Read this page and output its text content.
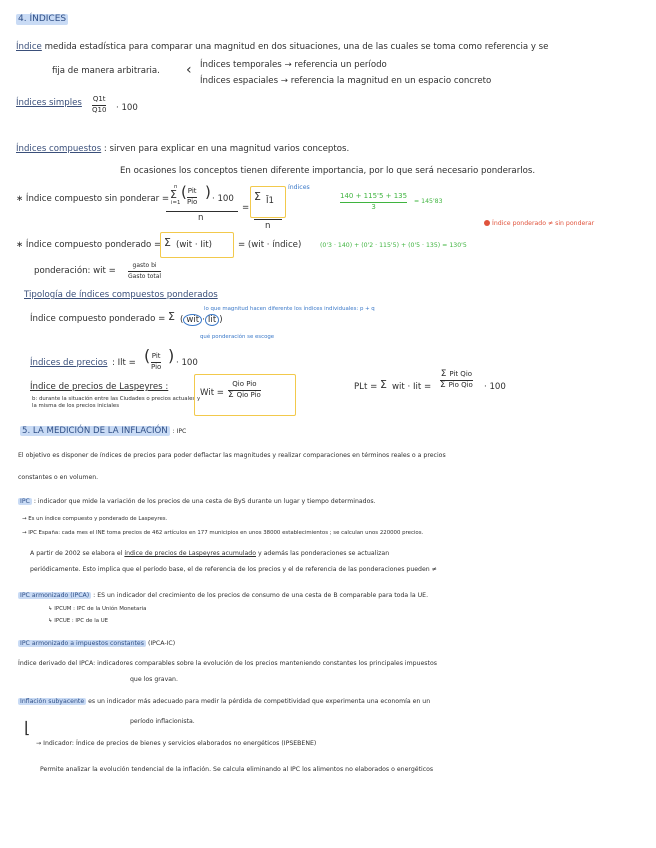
4. ÍNDICES
Índice medida estadística para comparar una magnitud en dos situaciones, una de las cuales se toma como referencia y se
fija de manera arbitraria. ‹ Índices temporales → referencia un período
Índices espaciales → referencia la magnitud en un espacio concreto
Índices simples Q1t
Q10 · 100
Índices compuestos : sirven para explicar en una magnitud varios conceptos.
En ocasiones los conceptos tienen diferente importancia, por lo que será necesario ponderarlos.
∗ Índice compuesto sin ponderar =
n
Σ
i=1
( Pit
Pio
) · 100
n
=
Σ Ī1
índices
n
140 + 115'5 + 135
3
= 145'83
Índice ponderado ≠ sin ponderar
∗ Índice compuesto ponderado = Σ (wit · Iit)	= (wit · índice)	(0'3 · 140) + (0'2 · 115'5) + (0'5 · 135) = 130'5
ponderación: wit =
gasto bi
Gasto total
Tipología de índices compuestos ponderados
Índice compuesto ponderado = Σ ( wit · Iit )
lo que magnitud hacen diferente los índices individuales: p + q
qué ponderación se escoge
Índices de precios : Ilt = ( Pit
Pio
) · 100
Índice de precios de Laspeyres :
b: durante la situación entre las Ciudades o precios actuales y la misma de los precios iniciales
Wit =
Qio Pio
Σ Qio Pio
PLt = Σ wit · Iit =
Σ Pit Qio
Σ Pio Qio · 100
5. LA MEDICIÓN DE LA INFLACIÓN : IPC
El objetivo es disponer de índices de precios para poder deflactar las magnitudes y realizar comparaciones en términos reales o a precios
constantes o en volumen.
IPC : indicador que mide la variación de los precios de una cesta de ByS durante un lugar y tiempo determinados.
→ Es un índice compuesto y ponderado de Laspeyres.
→ IPC España: cada mes el INE toma precios de 462 artículos en 177 municipios en unos 38000 establecimientos ; se calculan unos 220000 precios.
A partir de 2002 se elabora el índice de precios de Laspeyres acumulado y además las ponderaciones se actualizan
periódicamente. Esto implica que el período base, el de referencia de los precios y el de referencia de las ponderaciones pueden ≠
IPC armonizado (IPCA) : ES un indicador del crecimiento de los precios de consumo de una cesta de B comparable para toda la UE.
↳ IPCUM : IPC de la Unión Monetaria
↳ IPCUE : IPC de la UE
IPC armonizado a impuestos constantes (IPCA-IC)
Índice derivado del IPCA: indicadores comparables sobre la evolución de los precios manteniendo constantes los principales impuestos
que los gravan.
Inflación subyacente es un indicador más adecuado para medir la pérdida de competitividad que experimenta una economía en un
período inflacionista.
⌊
→ Indicador: Índice de precios de bienes y servicios elaborados no energéticos (IPSEBENE)
Permite analizar la evolución tendencial de la inflación. Se calcula eliminando al IPC los alimentos no elaborados o energéticos
